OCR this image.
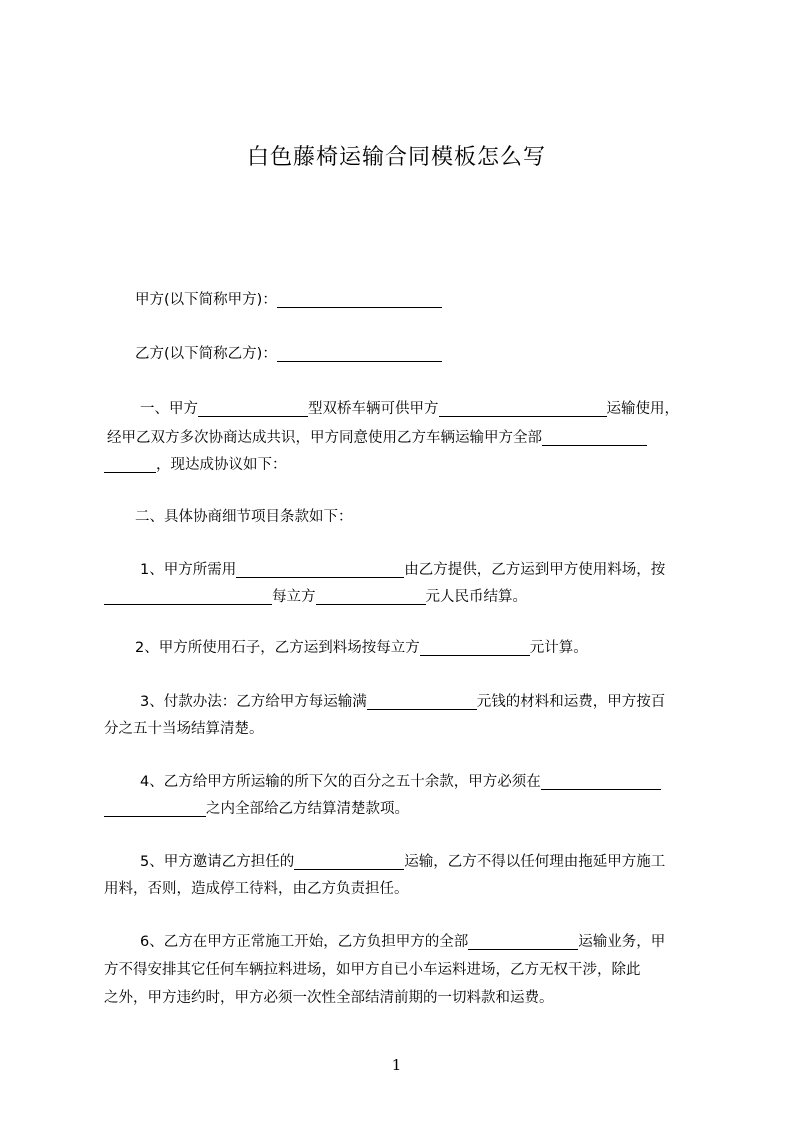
白色藤椅运输合同模板怎么写
甲方(以下简称甲方)：
乙方(以下简称乙方)：
一、甲方	型双桥车辆可供甲方	运输使用，
经甲乙双方多次协商达成共识，甲方同意使用乙方车辆运输甲方全部
，现达成协议如下：
二、具体协商细节项目条款如下：
1、甲方所需用	由乙方提供，乙方运到甲方使用料场，按
每立方	元人民币结算。
2、甲方所使用石子，乙方运到料场按每立方	元计算。
3、付款办法：乙方给甲方每运输满	元钱的材料和运费，甲方按百
分之五十当场结算清楚。
4、乙方给甲方所运输的所下欠的百分之五十余款，甲方必须在
之内全部给乙方结算清楚款项。
5、甲方邀请乙方担任的	运输，乙方不得以任何理由拖延甲方施工
用料，否则，造成停工待料，由乙方负责担任。
6、乙方在甲方正常施工开始，乙方负担甲方的全部	运输业务，甲
方不得安排其它任何车辆拉料进场，如甲方自已小车运料进场，乙方无权干涉，除此
之外，甲方违约时，甲方必须一次性全部结清前期的一切料款和运费。
1
